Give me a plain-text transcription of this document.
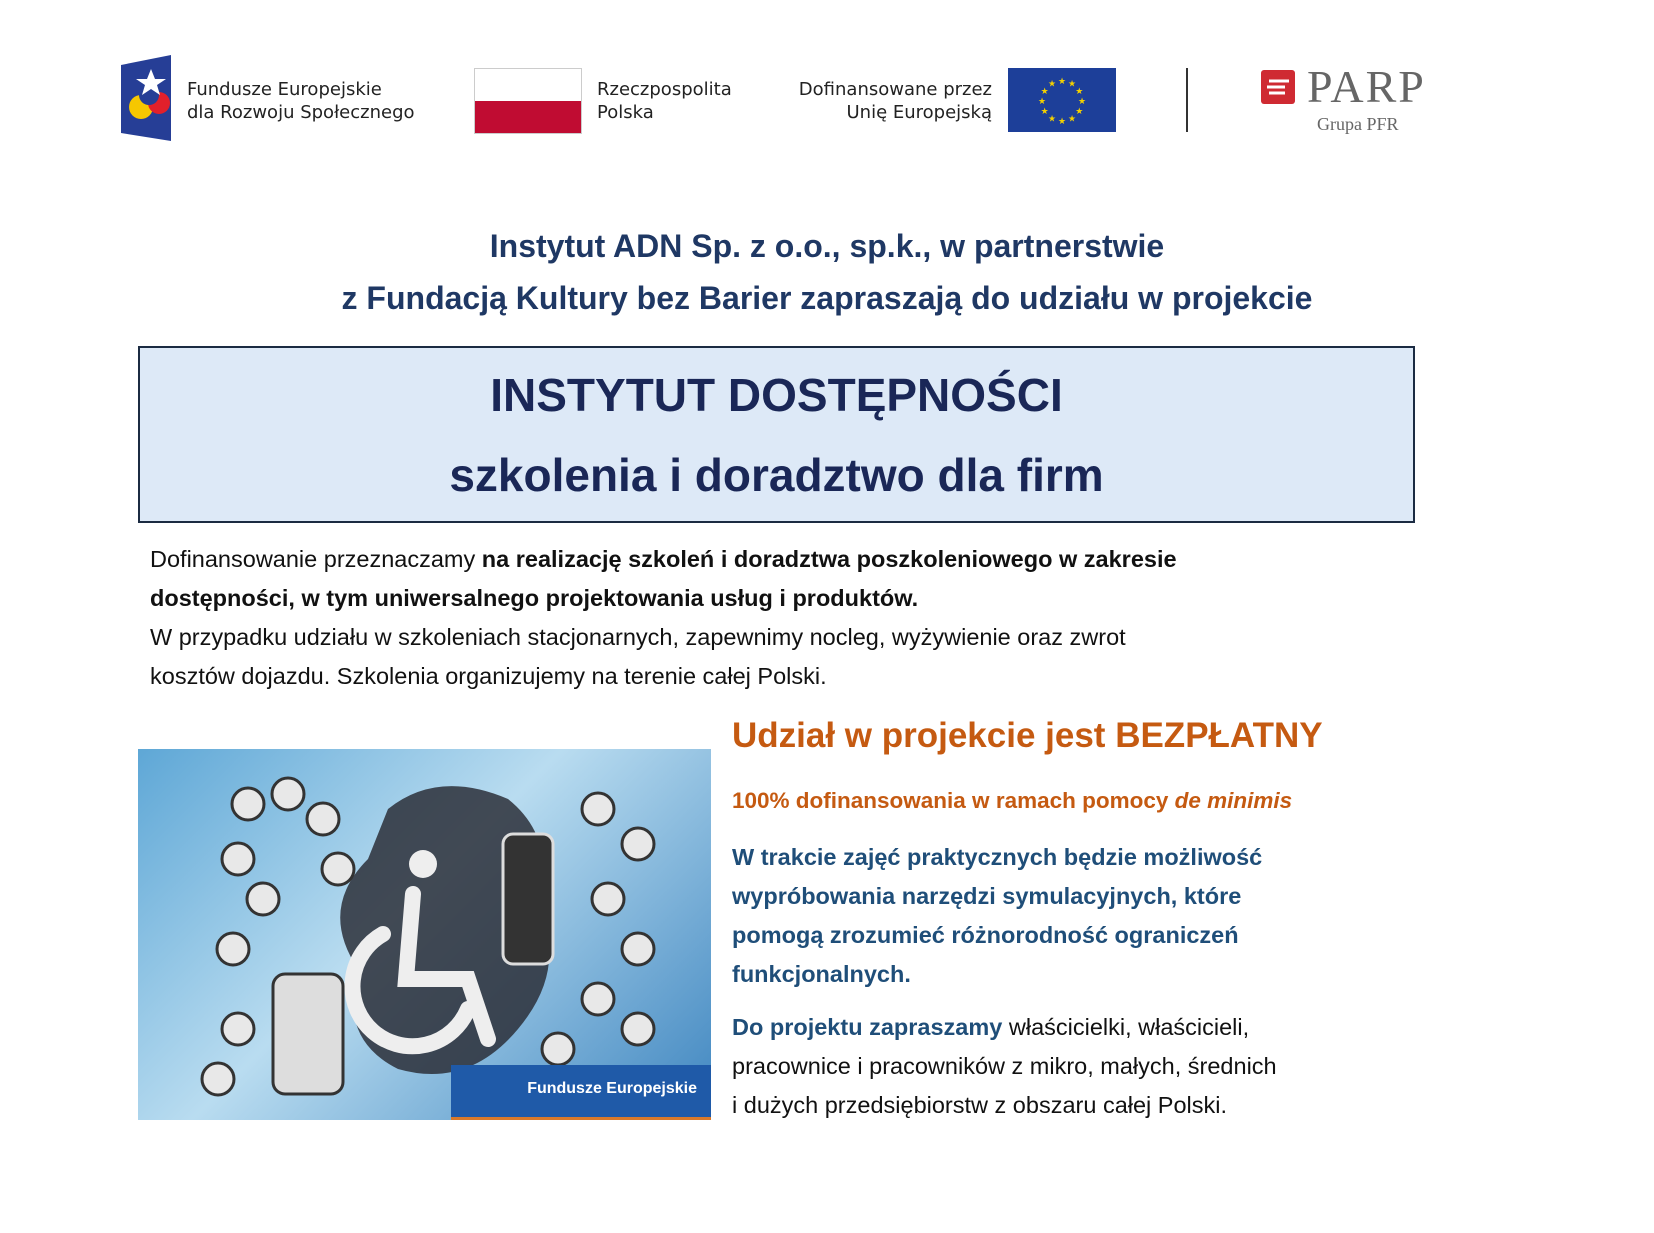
Fundusze Europejskie
dla Rozwoju Społecznego
Rzeczpospolita
Polska
Dofinansowane przez
Unię Europejską
★
★
★
★
★
★
★
★
★ ★ ★
★	PARP
Grupa PFR
Instytut ADN Sp. z o.o., sp.k., w partnerstwie
z Fundacją Kultury bez Barier zapraszają do udziału w projekcie
INSTYTUT DOSTĘPNOŚCI
szkolenia i doradztwo dla firm
Dofinansowanie przeznaczamy na realizację szkoleń i doradztwa poszkoleniowego w zakresie
dostępności, w tym uniwersalnego projektowania usług i produktów.
W przypadku udziału w szkoleniach stacjonarnych, zapewnimy nocleg, wyżywienie oraz zwrot
kosztów dojazdu. Szkolenia organizujemy na terenie całej Polski.
Fundusze Europejskie
Udział w projekcie jest BEZPŁATNY
100% dofinansowania w ramach pomocy de minimis
W trakcie zajęć praktycznych będzie możliwość
wypróbowania narzędzi symulacyjnych, które
pomogą zrozumieć różnorodność ograniczeń
funkcjonalnych.
Do projektu zapraszamy właścicielki, właścicieli,
pracownice i pracowników z mikro, małych, średnich
i dużych przedsiębiorstw z obszaru całej Polski.
